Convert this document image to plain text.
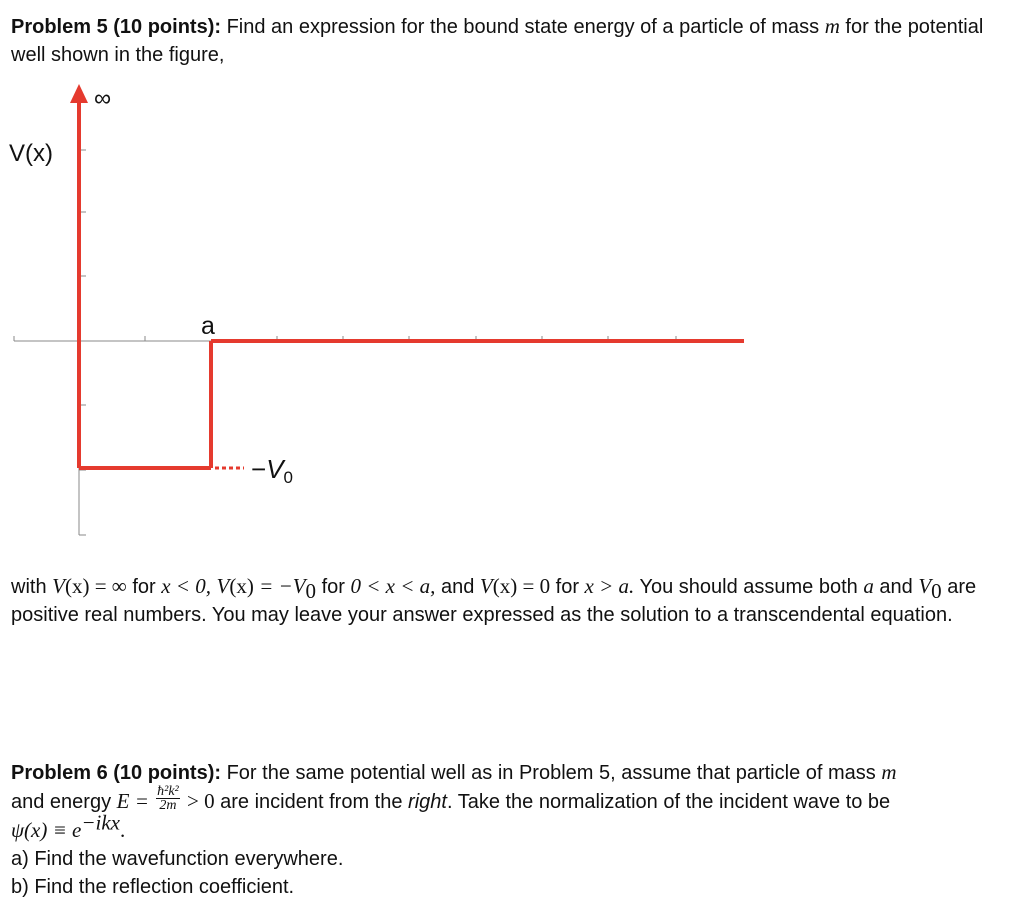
Problem 5 (10 points): Find an expression for the bound state energy of a particle of mass m for the potential well shown in the figure,
∞
V(x)
a
−V0
with V(x) = ∞ for x < 0, $V(x) = -V_0$ for 0 < x < a, and V(x) = 0 for x > a. You should assume both a and $V_0$ are positive real numbers. You may leave your answer expressed as the solution to a transcendental equation.
Problem 6 (10 points): For the same potential well as in Problem 5, assume that particle of mass m
and energy $E = \frac{\text{ħ²k²}}{2m} > 0$ are incident from the right. Take the normalization of the incident wave to be
$\psi(x) \equiv e^{-ikx}$.
a) Find the wavefunction everywhere.
b) Find the reflection coefficient.
